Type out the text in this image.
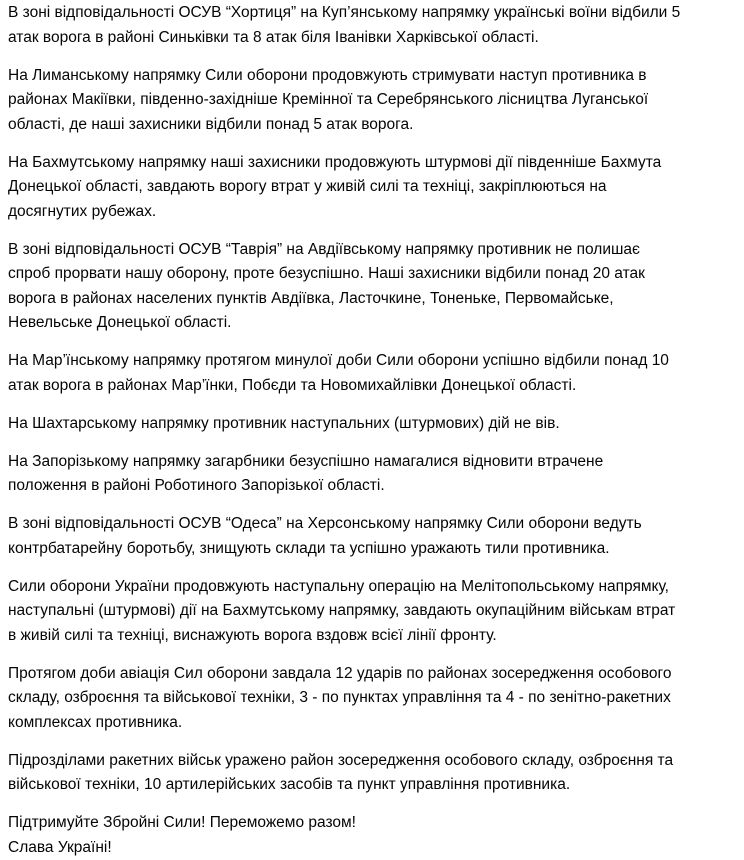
В зоні відповідальності ОСУВ “Хортиця” на Куп’янському напрямку українські воїни відбили 5
атак ворога в районі Синьківки та 8 атак біля Іванівки Харківської області.

На Лиманському напрямку Сили оборони продовжують стримувати наступ противника в
районах Макіївки, південно-західніше Кремінної та Серебрянського лісництва Луганської
області, де наші захисники відбили понад 5 атак ворога.

На Бахмутському напрямку наші захисники продовжують штурмові дії південніше Бахмута
Донецької області, завдають ворогу втрат у живій силі та техніці, закріплюються на
досягнутих рубежах.

В зоні відповідальності ОСУВ “Таврія” на Авдіївському напрямку противник не полишає
спроб прорвати нашу оборону, проте безуспішно. Наші захисники відбили понад 20 атак
ворога в районах населених пунктів Авдіївка, Ласточкине, Тоненьке, Первомайське,
Невельське Донецької області.

На Мар’їнському напрямку протягом минулої доби Сили оборони успішно відбили понад 10
атак ворога в районах Мар’їнки, Побєди та Новомихайлівки Донецької області.

На Шахтарському напрямку противник наступальних (штурмових) дій не вів.

На Запорізькому напрямку загарбники безуспішно намагалися відновити втрачене
положення в районі Роботиного Запорізької області.

В зоні відповідальності ОСУВ “Одеса” на Херсонському напрямку Сили оборони ведуть
контрбатарейну боротьбу, знищують склади та успішно уражають тили противника.

Сили оборони України продовжують наступальну операцію на Мелітопольському напрямку,
наступальні (штурмові) дії на Бахмутському напрямку, завдають окупаційним військам втрат
в живій силі та техніці, виснажують ворога вздовж всієї лінії фронту.

Протягом доби авіація Сил оборони завдала 12 ударів по районах зосередження особового
складу, озброєння та військової техніки, 3 - по пунктах управління та 4 - по зенітно-ракетних
комплексах противника.

Підрозділами ракетних військ уражено район зосередження особового складу, озброєння та
військової техніки, 10 артилерійських засобів та пункт управління противника.

Підтримуйте Збройні Сили! Переможемо разом!
Слава Україні!
